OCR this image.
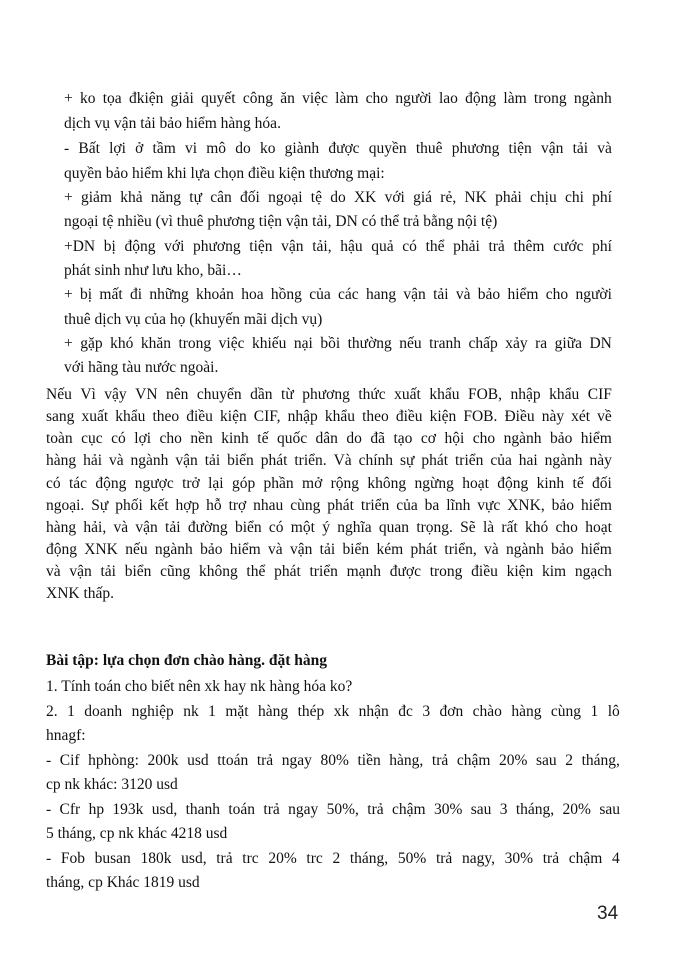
+ ko tọa đkiện giải quyết công ăn việc làm cho người lao động làm trong ngành
dịch vụ vận tải bảo hiểm hàng hóa.
- Bất lợi ở tầm vi mô do ko giành được quyền thuê phương tiện vận tải và
quyền bảo hiểm khi lựa chọn điều kiện thương mại:
+ giảm khả năng tự cân đối ngoại tệ do XK với giá rẻ, NK phải chịu chi phí
ngoại tệ nhiều (vì thuê phương tiện vận tải, DN có thể trả bằng nội tệ)
+DN bị động với phương tiện vận tải, hậu quả có thể phải trả thêm cước phí
phát sinh như lưu kho, bãi…
+ bị mất đi những khoản hoa hồng của các hang vận tải và bảo hiểm cho người
thuê dịch vụ của họ (khuyến mãi dịch vụ)
+ gặp khó khăn trong việc khiếu nại bồi thường nếu tranh chấp xảy ra giữa DN
với hãng tàu nước ngoài.
Nếu Vì vậy VN nên chuyển dần từ phương thức xuất khẩu FOB, nhập khẩu CIF
sang xuất khẩu theo điều kiện CIF, nhập khẩu theo điều kiện FOB. Điều này xét về
toàn cục có lợi cho nền kinh tế quốc dân do đã tạo cơ hội cho ngành bảo hiểm
hàng hải và ngành vận tải biển phát triển. Và chính sự phát triển của hai ngành này
có tác động ngược trở lại góp phần mở rộng không ngừng hoạt động kinh tế đối
ngoại. Sự phối kết hợp hỗ trợ nhau cùng phát triển của ba lĩnh vực XNK, bảo hiểm
hàng hải, và vận tải đường biển có một ý nghĩa quan trọng. Sẽ là rất khó cho hoạt
động XNK nếu ngành bảo hiểm và vận tải biển kém phát triển, và ngành bảo hiểm
và vận tải biển cũng không thể phát triển mạnh được trong điều kiện kim ngạch
XNK thấp.
Bài tập: lựa chọn đơn chào hàng. đặt hàng
1. Tính toán cho biết nên xk hay nk hàng hóa ko?
2. 1 doanh nghiệp nk 1 mặt hàng thép xk nhận đc 3 đơn chào hàng cùng 1 lô
hnagf:
- Cif hphòng: 200k usd ttoán trả ngay 80% tiền hàng, trả chậm 20% sau 2 tháng,
cp nk khác: 3120 usd
- Cfr hp 193k usd, thanh toán trả ngay 50%, trả chậm 30% sau 3 tháng, 20% sau
5 tháng, cp nk khác 4218 usd
- Fob busan 180k usd, trả trc 20% trc 2 tháng, 50% trả nagy, 30% trả chậm 4
tháng, cp Khác 1819 usd
34
